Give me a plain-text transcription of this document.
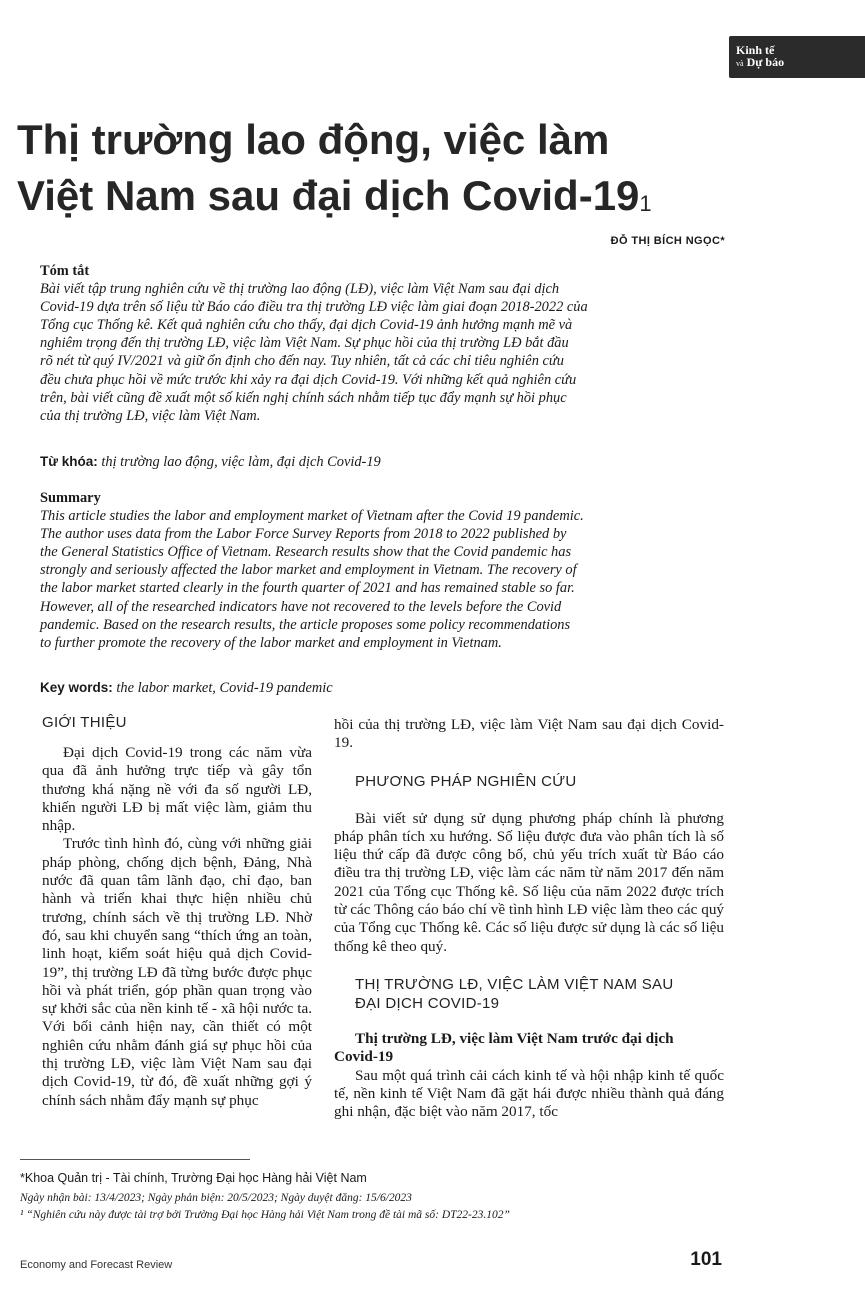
Kinh tế
và Dự báo
Thị trường lao động, việc làm
Việt Nam sau đại dịch Covid-$19^1$
ĐỖ THỊ BÍCH NGỌC*
Tóm tắt
Bài viết tập trung nghiên cứu về thị trường lao động (LĐ), việc làm Việt Nam sau đại dịch
Covid-19 dựa trên số liệu từ Báo cáo điều tra thị trường LĐ việc làm giai đoạn 2018-2022 của
Tổng cục Thống kê. Kết quả nghiên cứu cho thấy, đại dịch Covid-19 ảnh hưởng mạnh mẽ và
nghiêm trọng đến thị trường LĐ, việc làm Việt Nam. Sự phục hồi của thị trường LĐ bắt đầu
rõ nét từ quý IV/2021 và giữ ổn định cho đến nay. Tuy nhiên, tất cả các chỉ tiêu nghiên cứu
đều chưa phục hồi về mức trước khi xảy ra đại dịch Covid-19. Với những kết quả nghiên cứu
trên, bài viết cũng đề xuất một số kiến nghị chính sách nhằm tiếp tục đẩy mạnh sự hồi phục
của thị trường LĐ, việc làm Việt Nam.
Từ khóa: thị trường lao động, việc làm, đại dịch Covid-19
Summary
This article studies the labor and employment market of Vietnam after the Covid 19 pandemic.
The author uses data from the Labor Force Survey Reports from 2018 to 2022 published by
the General Statistics Office of Vietnam. Research results show that the Covid pandemic has
strongly and seriously affected the labor market and employment in Vietnam. The recovery of
the labor market started clearly in the fourth quarter of 2021 and has remained stable so far.
However, all of the researched indicators have not recovered to the levels before the Covid
pandemic. Based on the research results, the article proposes some policy recommendations
to further promote the recovery of the labor market and employment in Vietnam.
Key words: the labor market, Covid-19 pandemic
GIỚI THIỆU

Đại dịch Covid-19 trong các năm vừa qua đã ảnh hưởng trực tiếp và gây tổn thương khá nặng nề với đa số người LĐ, khiến người LĐ bị mất việc làm, giảm thu nhập.

Trước tình hình đó, cùng với những giải pháp phòng, chống dịch bệnh, Đảng, Nhà nước đã quan tâm lãnh đạo, chỉ đạo, ban hành và triển khai thực hiện nhiều chủ trương, chính sách về thị trường LĐ. Nhờ đó, sau khi chuyển sang “thích ứng an toàn, linh hoạt, kiểm soát hiệu quả dịch Covid-19”, thị trường LĐ đã từng bước được phục hồi và phát triển, góp phần quan trọng vào sự khởi sắc của nền kinh tế - xã hội nước ta. Với bối cảnh hiện nay, cần thiết có một nghiên cứu nhằm đánh giá sự phục hồi của thị trường LĐ, việc làm Việt Nam sau đại dịch Covid-19, từ đó, đề xuất những gợi ý chính sách nhằm đẩy mạnh sự phục

hồi của thị trường LĐ, việc làm Việt Nam sau đại dịch Covid-19.

PHƯƠNG PHÁP NGHIÊN CỨU

Bài viết sử dụng sử dụng phương pháp chính là phương pháp phân tích xu hướng. Số liệu được đưa vào phân tích là số liệu thứ cấp đã được công bố, chủ yếu trích xuất từ Báo cáo điều tra thị trường LĐ, việc làm các năm từ năm 2017 đến năm 2021 của Tổng cục Thống kê. Số liệu của năm 2022 được trích từ các Thông cáo báo chí về tình hình LĐ việc làm theo các quý của Tổng cục Thống kê. Các số liệu được sử dụng là các số liệu thống kê theo quý.

THỊ TRƯỜNG LĐ, VIỆC LÀM VIỆT NAM SAU
ĐẠI DỊCH COVID-19
Thị trường LĐ, việc làm Việt Nam trước đại dịch
Covid-19

Sau một quá trình cải cách kinh tế và hội nhập kinh tế quốc tế, nền kinh tế Việt Nam đã gặt hái được nhiều thành quả đáng ghi nhận, đặc biệt vào năm 2017, tốc

*Khoa Quản trị - Tài chính, Trường Đại học Hàng hải Việt Nam
Ngày nhận bài: 13/4/2023; Ngày phản biện: 20/5/2023; Ngày duyệt đăng: 15/6/2023
¹ “Nghiên cứu này được tài trợ bởi Trường Đại học Hàng hải Việt Nam trong đề tài mã số: DT22-23.102”
Economy and Forecast Review	101
